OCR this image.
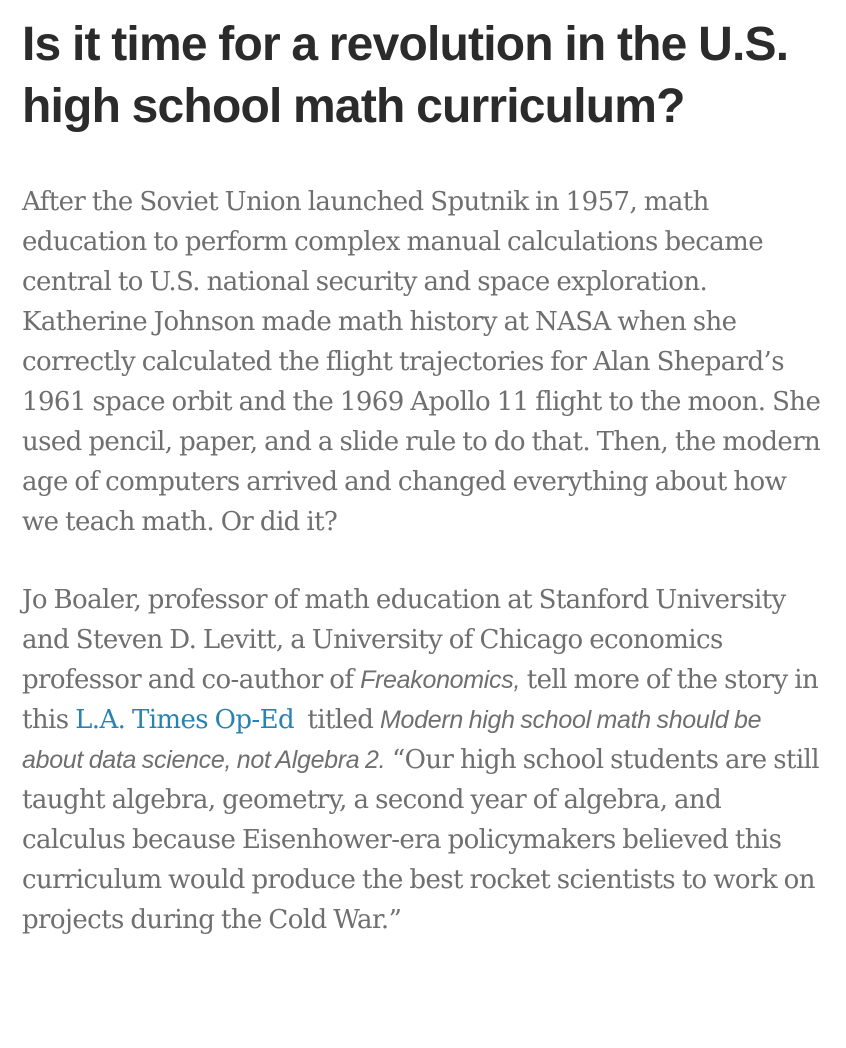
Is it time for a revolution in the U.S. high school math curriculum?

After the Soviet Union launched Sputnik in 1957, math education to perform complex manual calculations became central to U.S. national security and space exploration. Katherine Johnson made math history at NASA when she correctly calculated the flight trajectories for Alan Shepard’s 1961 space orbit and the 1969 Apollo 11 flight to the moon. She used pencil, paper, and a slide rule to do that. Then, the modern age of computers arrived and changed everything about how we teach math. Or did it?

Jo Boaler, professor of math education at Stanford University and Steven D. Levitt, a University of Chicago economics professor and co-author of Freakonomics, tell more of the story in this L.A. Times Op-Ed titled Modern high school math should be about data science, not Algebra 2. “Our high school students are still taught algebra, geometry, a second year of algebra, and calculus because Eisenhower-era policymakers believed this curriculum would produce the best rocket scientists to work on projects during the Cold War.”
